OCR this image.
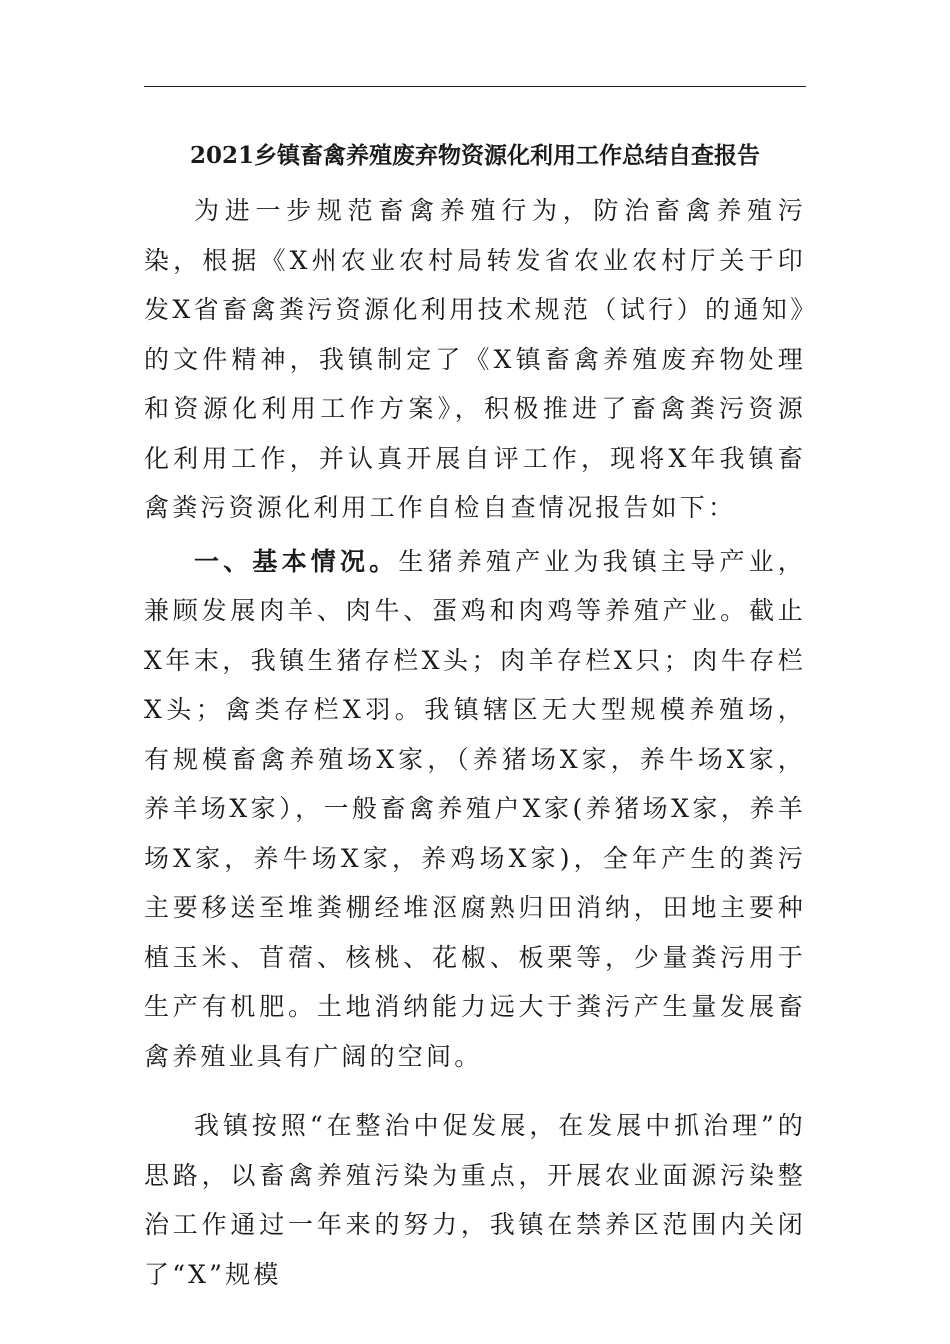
2021乡镇畜禽养殖废弃物资源化利用工作总结自查报告

为进一步规范畜禽养殖行为，防治畜禽养殖污染，根据《X州农业农村局转发省农业农村厅关于印发X省畜禽粪污资源化利用技术规范（试行）的通知》的文件精神，我镇制定了《X镇畜禽养殖废弃物处理和资源化利用工作方案》，积极推进了畜禽粪污资源化利用工作，并认真开展自评工作，现将X年我镇畜禽粪污资源化利用工作自检自查情况报告如下：

一、基本情况。生猪养殖产业为我镇主导产业，兼顾发展肉羊、肉牛、蛋鸡和肉鸡等养殖产业。截止X年末，我镇生猪存栏X头；肉羊存栏X只；肉牛存栏X头；禽类存栏X羽。我镇辖区无大型规模养殖场，有规模畜禽养殖场X家，（养猪场X家，养牛场X家，养羊场X家），一般畜禽养殖户X家(养猪场X家，养羊场X家，养牛场X家，养鸡场X家)，全年产生的粪污主要移送至堆粪棚经堆沤腐熟归田消纳，田地主要种植玉米、苜蓿、核桃、花椒、板栗等，少量粪污用于生产有机肥。土地消纳能力远大于粪污产生量发展畜禽养殖业具有广阔的空间。

我镇按照“在整治中促发展，在发展中抓治理”的思路，以畜禽养殖污染为重点，开展农业面源污染整治工作通过一年来的努力，我镇在禁养区范围内关闭了“X”规模
